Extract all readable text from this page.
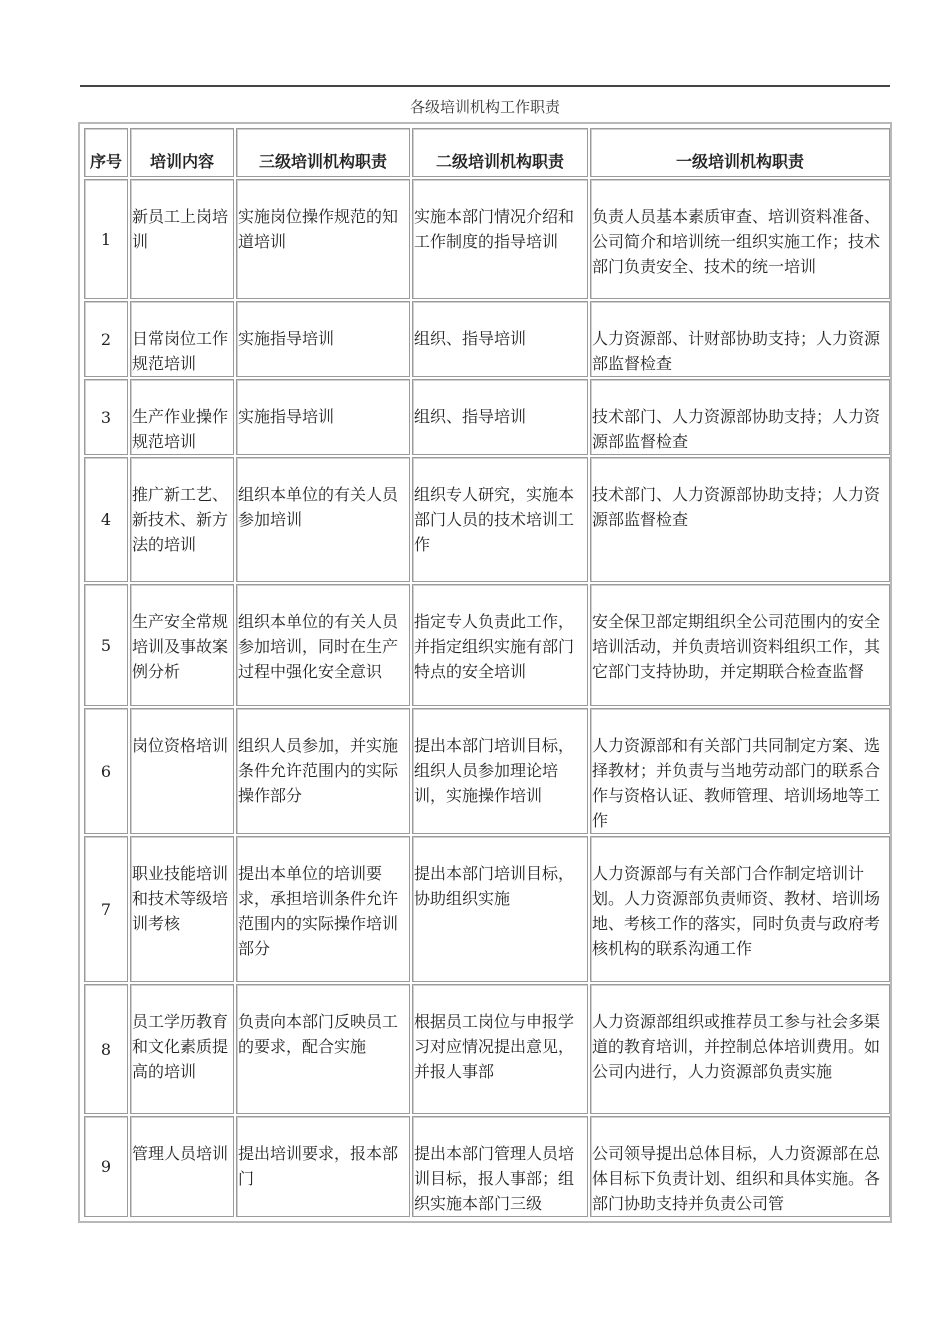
各级培训机构工作职责
序号	培训内容	三级培训机构职责	二级培训机构职责	一级培训机构职责
1	新员工上岗培训	实施岗位操作规范的知道培训	实施本部门情况介绍和工作制度的指导培训	负责人员基本素质审查、培训资料准备、公司简介和培训统一组织实施工作；技术部门负责安全、技术的统一培训
2	日常岗位工作规范培训	实施指导培训	组织、指导培训	人力资源部、计财部协助支持；人力资源部监督检查
3	生产作业操作规范培训	实施指导培训	组织、指导培训	技术部门、人力资源部协助支持；人力资源部监督检查
4	推广新工艺、新技术、新方法的培训	组织本单位的有关人员参加培训	组织专人研究，实施本部门人员的技术培训工作	技术部门、人力资源部协助支持；人力资源部监督检查
5	生产安全常规培训及事故案例分析	组织本单位的有关人员参加培训，同时在生产过程中强化安全意识	指定专人负责此工作，并指定组织实施有部门特点的安全培训	安全保卫部定期组织全公司范围内的安全培训活动，并负责培训资料组织工作，其它部门支持协助，并定期联合检查监督
6	岗位资格培训	组织人员参加，并实施条件允许范围内的实际操作部分	提出本部门培训目标，组织人员参加理论培训，实施操作培训	人力资源部和有关部门共同制定方案、选择教材；并负责与当地劳动部门的联系合作与资格认证、教师管理、培训场地等工作
7	职业技能培训和技术等级培训考核	提出本单位的培训要求，承担培训条件允许范围内的实际操作培训部分	提出本部门培训目标，协助组织实施	人力资源部与有关部门合作制定培训计划。人力资源部负责师资、教材、培训场地、考核工作的落实，同时负责与政府考核机构的联系沟通工作
8	员工学历教育和文化素质提高的培训	负责向本部门反映员工的要求，配合实施	根据员工岗位与申报学习对应情况提出意见，并报人事部	人力资源部组织或推荐员工参与社会多渠道的教育培训，并控制总体培训费用。如公司内进行，人力资源部负责实施
9	管理人员培训	提出培训要求，报本部门	提出本部门管理人员培训目标，报人事部；组织实施本部门三级	公司领导提出总体目标，人力资源部在总体目标下负责计划、组织和具体实施。各部门协助支持并负责公司管
